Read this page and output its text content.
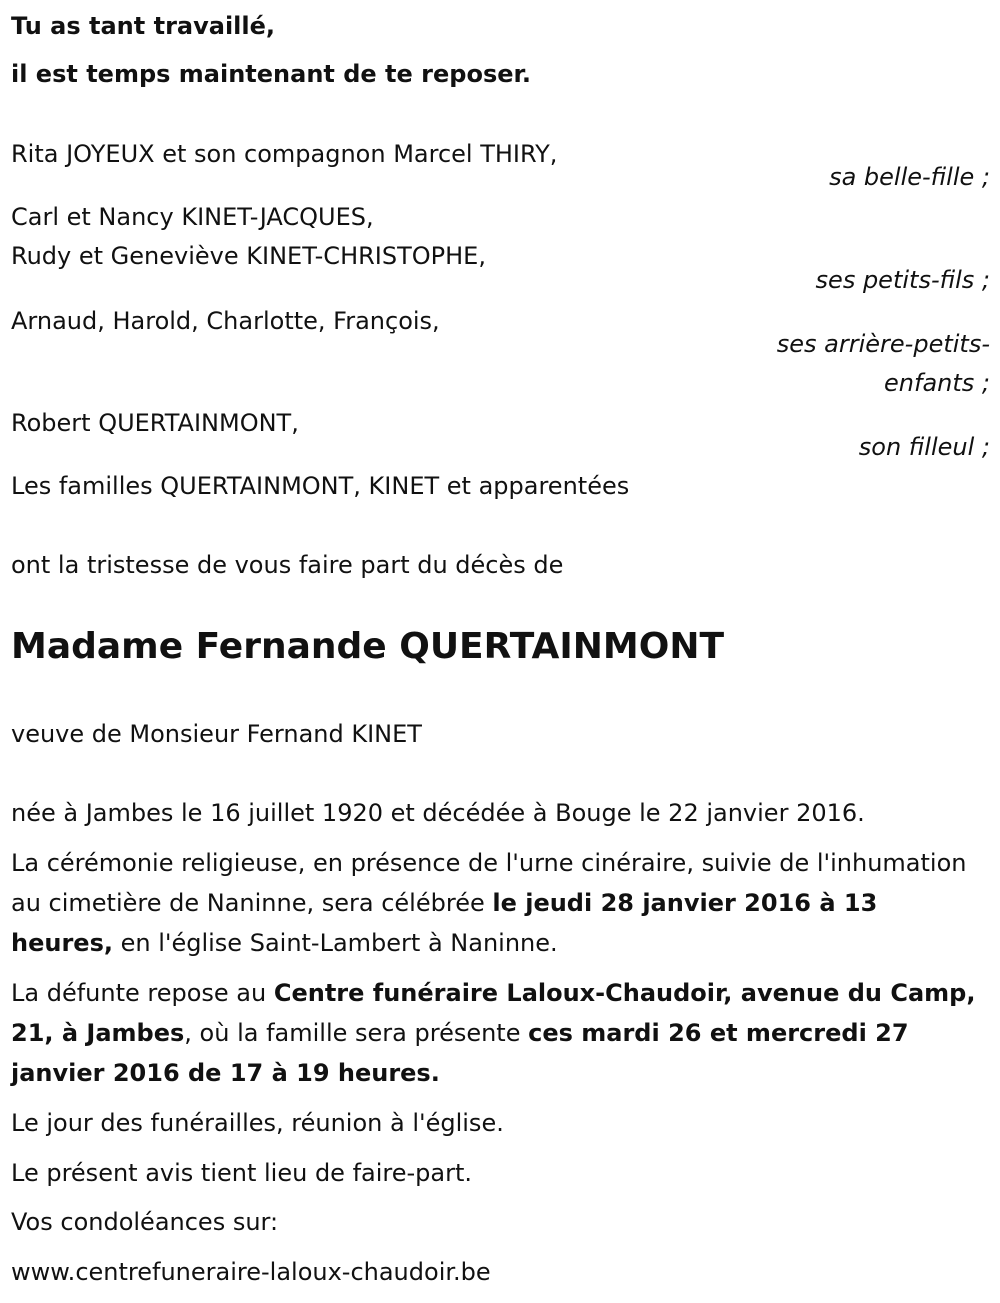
Tu as tant travaillé,
il est temps maintenant de te reposer.
Rita JOYEUX et son compagnon Marcel THIRY,
sa belle-fille ;
Carl et Nancy KINET-JACQUES,
Rudy et Geneviève KINET-CHRISTOPHE,
ses petits-fils ;
Arnaud, Harold, Charlotte, François,
ses arrière-petits-
enfants ;
Robert QUERTAINMONT,
son filleul ;
Les familles QUERTAINMONT, KINET et apparentées
ont la tristesse de vous faire part du décès de
Madame Fernande QUERTAINMONT
veuve de Monsieur Fernand KINET
née à Jambes le 16 juillet 1920 et décédée à Bouge le 22 janvier 2016.
La cérémonie religieuse, en présence de l'urne cinéraire, suivie de l'inhumation au cimetière de Naninne, sera célébrée le jeudi 28 janvier 2016 à 13 heures, en l'église Saint-Lambert à Naninne.
La défunte repose au Centre funéraire Laloux-Chaudoir, avenue du Camp, 21, à Jambes, où la famille sera présente ces mardi 26 et mercredi 27 janvier 2016 de 17 à 19 heures.
Le jour des funérailles, réunion à l'église.
Le présent avis tient lieu de faire-part.
Vos condoléances sur:
www.centrefuneraire-laloux-chaudoir.be
